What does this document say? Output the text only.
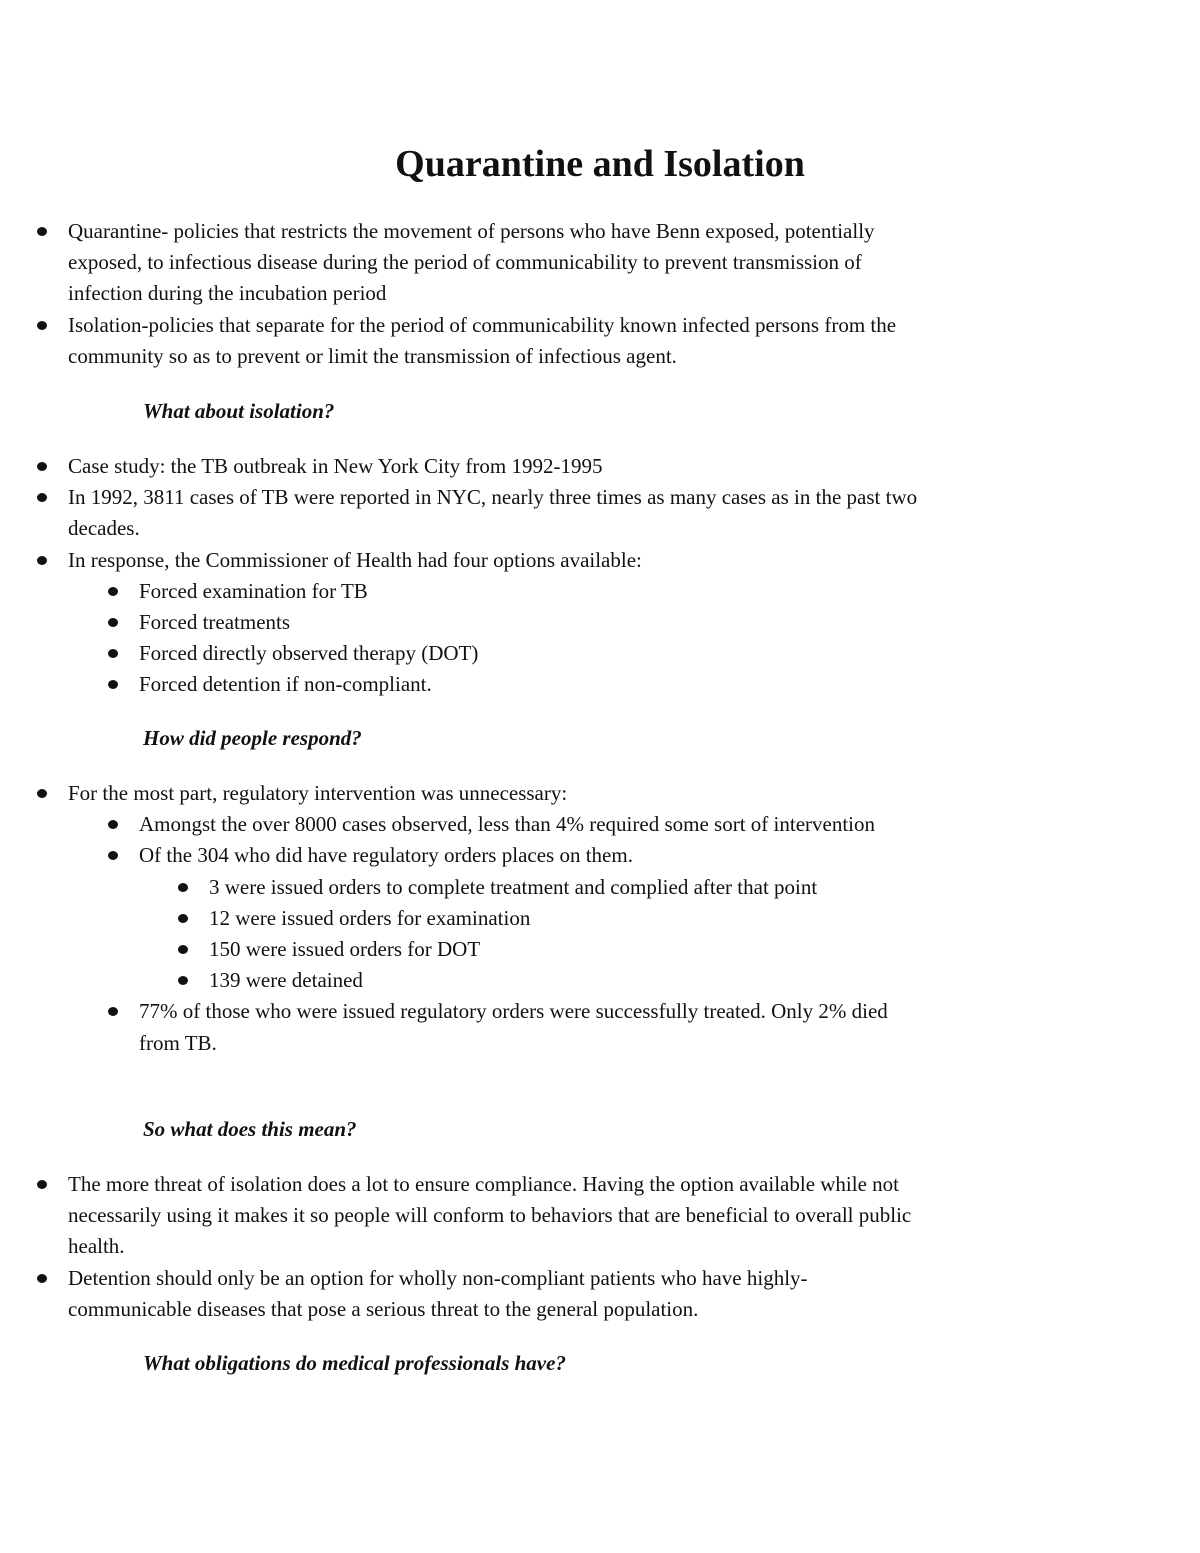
Quarantine and Isolation
Quarantine- policies that restricts the movement of persons who have Benn exposed, potentially exposed, to infectious disease during the period of communicability to prevent transmission of infection during the incubation period
Isolation-policies that separate for the period of communicability known infected persons from the community so as to prevent or limit the transmission of infectious agent.
What about isolation?
Case study: the TB outbreak in New York City from 1992-1995
In 1992, 3811 cases of TB were reported in NYC, nearly three times as many cases as in the past two decades.
In response, the Commissioner of Health had four options available:
Forced examination for TB
Forced treatments
Forced directly observed therapy (DOT)
Forced detention if non-compliant.
How did people respond?
For the most part, regulatory intervention was unnecessary:
Amongst the over 8000 cases observed, less than 4% required some sort of intervention
Of the 304 who did have regulatory orders places on them.
3 were issued orders to complete treatment and complied after that point
12 were issued orders for examination
150 were issued orders for DOT
139 were detained
77% of those who were issued regulatory orders were successfully treated. Only 2% died from TB.
So what does this mean?
The more threat of isolation does a lot to ensure compliance. Having the option available while not necessarily using it makes it so people will conform to behaviors that are beneficial to overall public health.
Detention should only be an option for wholly non-compliant patients who have highly-communicable diseases that pose a serious threat to the general population.
What obligations do medical professionals have?
